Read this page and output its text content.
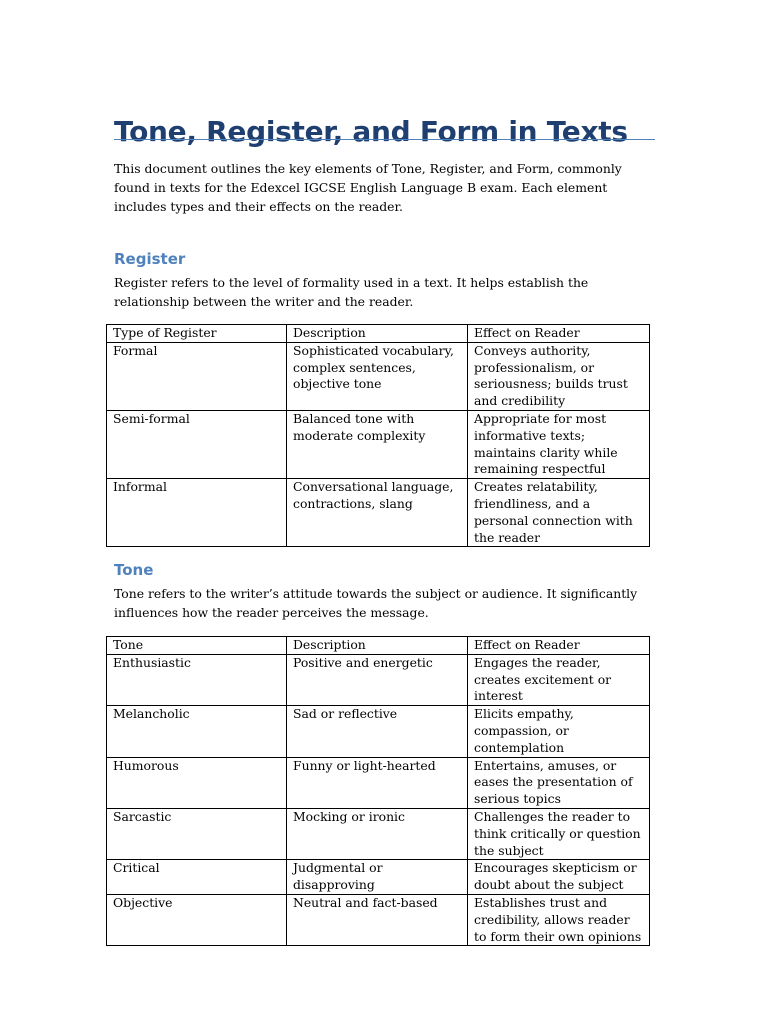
Tone, Register, and Form in Texts

This document outlines the key elements of Tone, Register, and Form, commonly found in texts for the Edexcel IGCSE English Language B exam. Each element includes types and their effects on the reader.

Register

Register refers to the level of formality used in a text. It helps establish the relationship between the writer and the reader.

Type of Register	Description	Effect on Reader
Formal	Sophisticated vocabulary, complex sentences, objective tone	Conveys authority, professionalism, or seriousness; builds trust and credibility
Semi-formal	Balanced tone with moderate complexity	Appropriate for most informative texts; maintains clarity while remaining respectful
Informal	Conversational language, contractions, slang	Creates relatability, friendliness, and a personal connection with the reader
Tone

Tone refers to the writer’s attitude towards the subject or audience. It significantly influences how the reader perceives the message.

Tone	Description	Effect on Reader
Enthusiastic	Positive and energetic	Engages the reader, creates excitement or interest
Melancholic	Sad or reflective	Elicits empathy, compassion, or contemplation
Humorous	Funny or light-hearted	Entertains, amuses, or eases the presentation of serious topics
Sarcastic	Mocking or ironic	Challenges the reader to think critically or question the subject
Critical	Judgmental or disapproving	Encourages skepticism or doubt about the subject
Objective	Neutral and fact-based	Establishes trust and credibility, allows reader to form their own opinions
